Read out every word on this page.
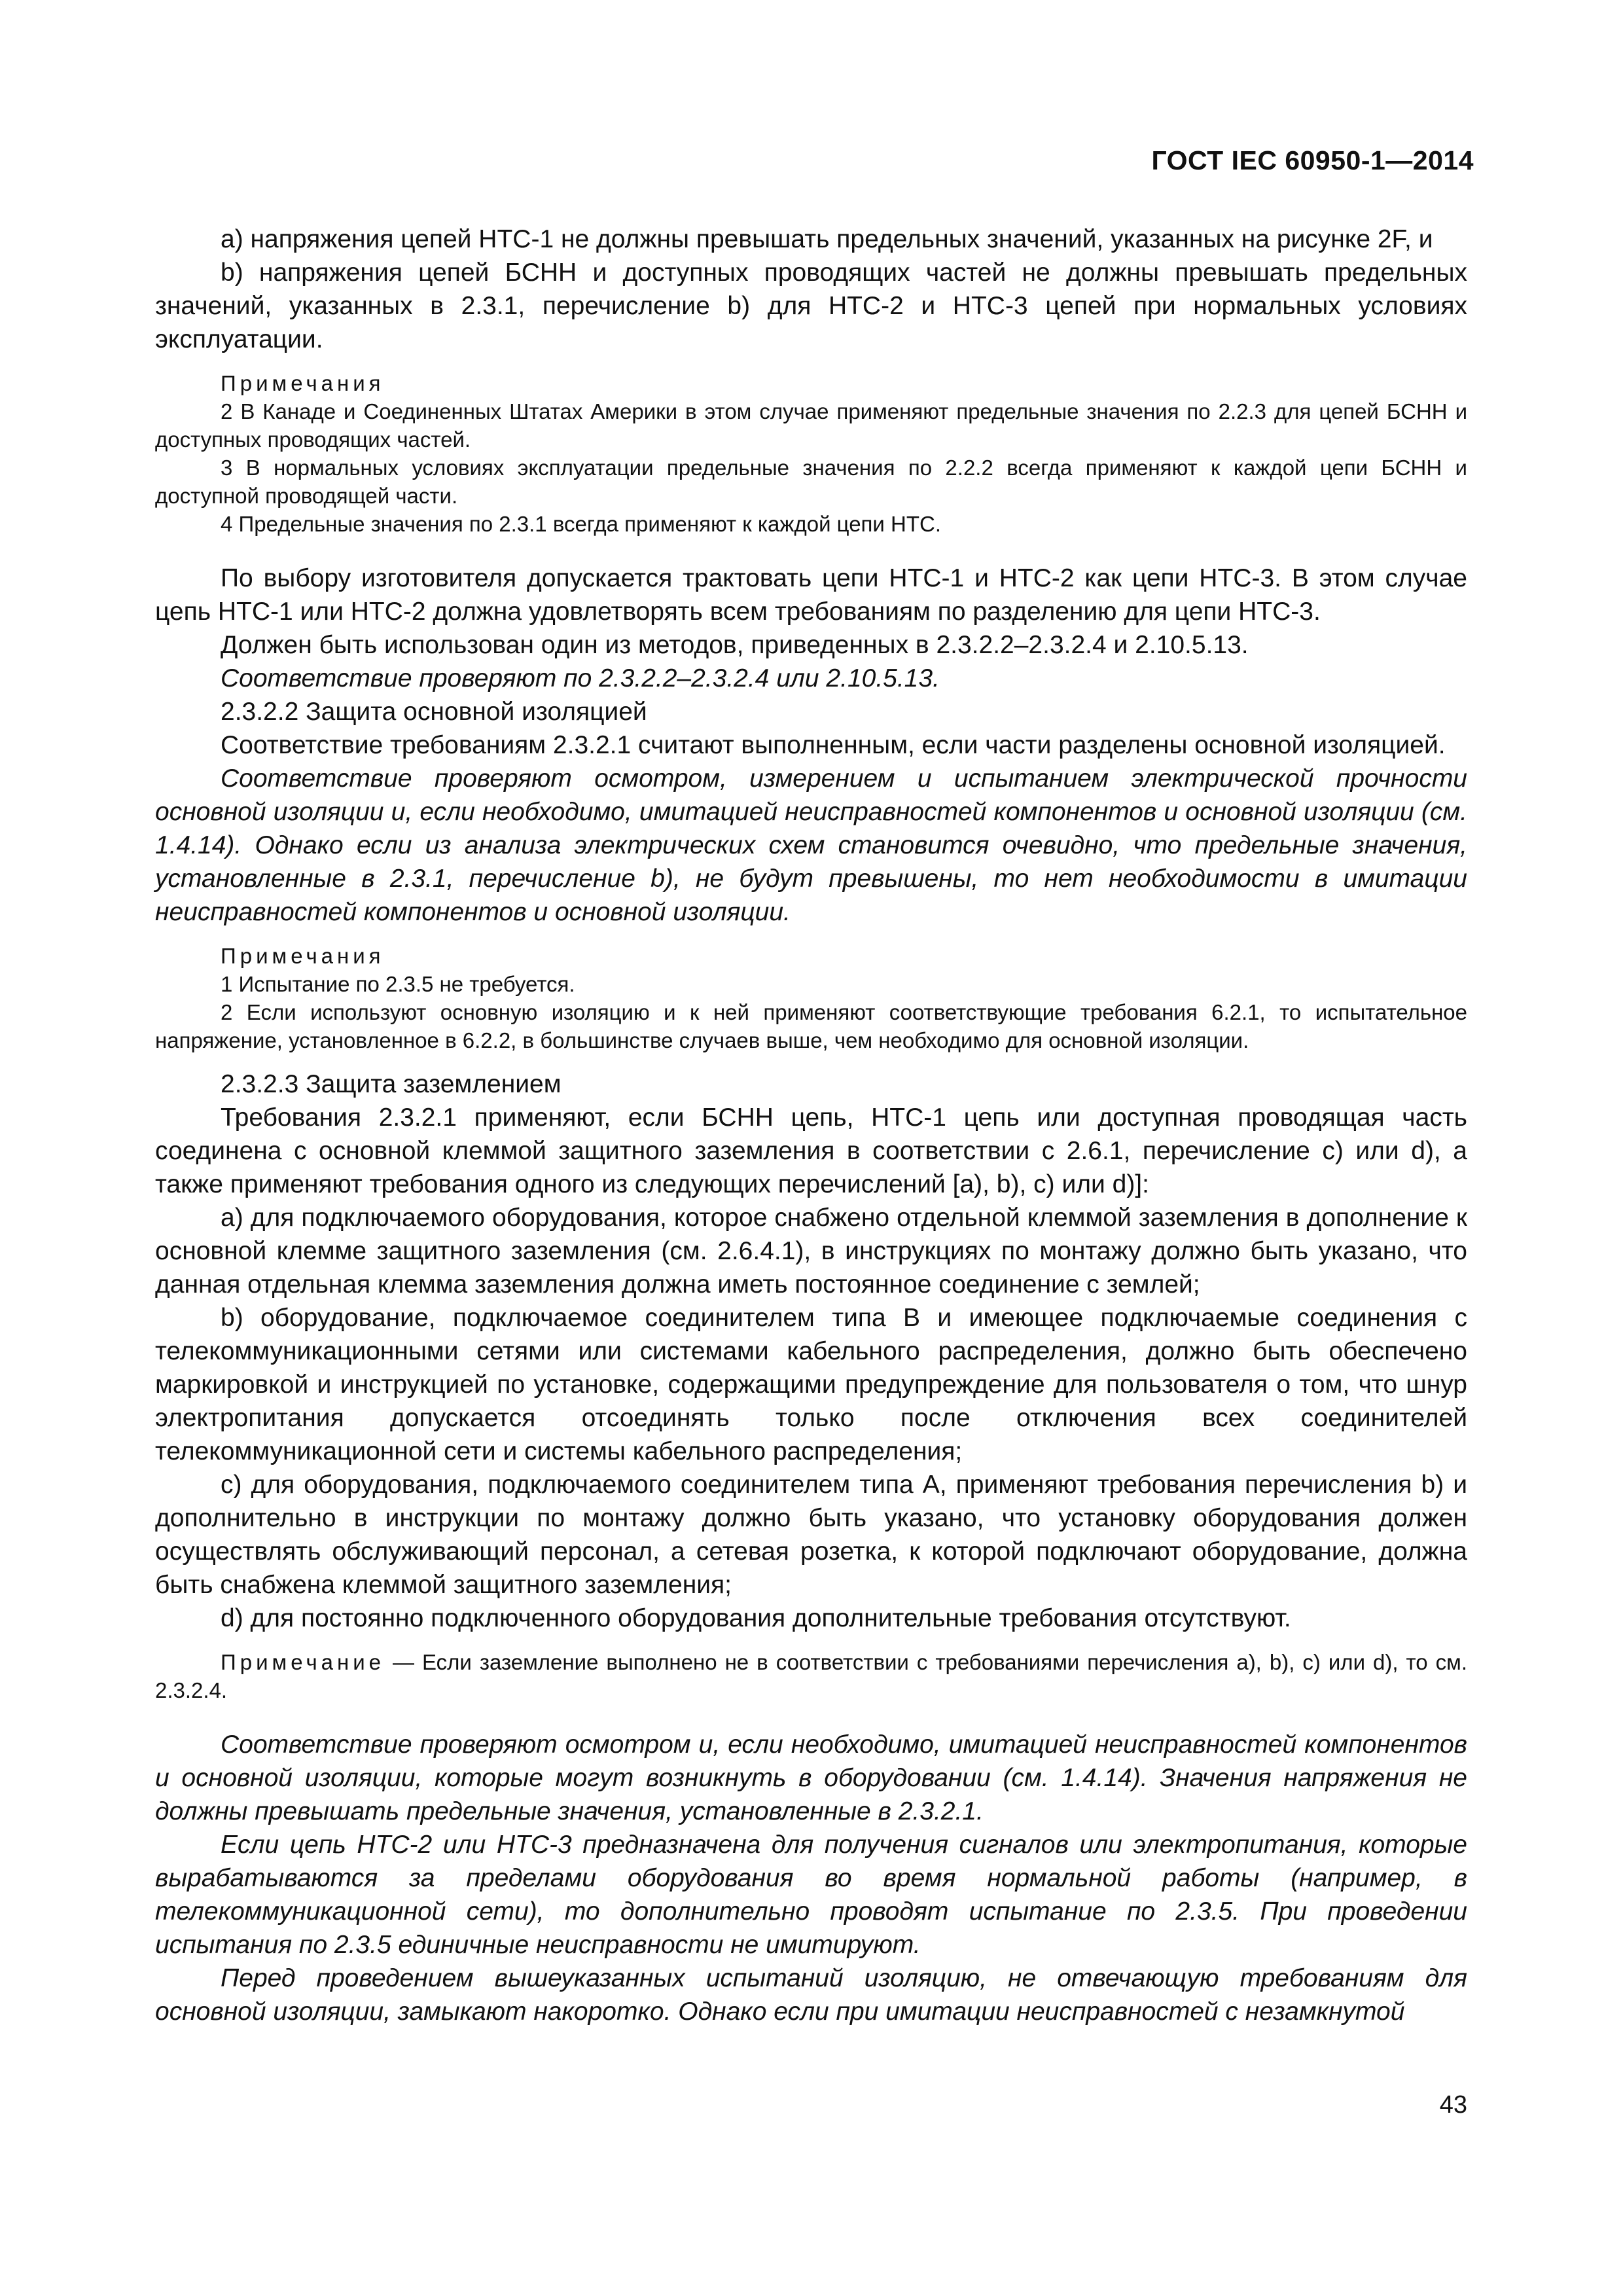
ГОСТ IEC 60950-1—2014

а) напряжения цепей НТС-1 не должны превышать предельных значений, указанных на рисунке 2F, и

b) напряжения цепей БСНН и доступных проводящих частей не должны превышать предельных значений, указанных в 2.3.1, перечисление b) для НТС-2 и НТС-3 цепей при нормальных условиях эксплуатации.

Примечания

2 В Канаде и Соединенных Штатах Америки в этом случае применяют предельные значения по 2.2.3 для цепей БСНН и доступных проводящих частей.

3 В нормальных условиях эксплуатации предельные значения по 2.2.2 всегда применяют к каждой цепи БСНН и доступной проводящей части.

4 Предельные значения по 2.3.1 всегда применяют к каждой цепи НТС.

По выбору изготовителя допускается трактовать цепи НТС-1 и НТС-2 как цепи НТС-3. В этом случае цепь НТС-1 или НТС-2 должна удовлетворять всем требованиям по разделению для цепи НТС-3.

Должен быть использован один из методов, приведенных в 2.3.2.2–2.3.2.4 и 2.10.5.13.

Соответствие проверяют по 2.3.2.2–2.3.2.4 или 2.10.5.13.

2.3.2.2 Защита основной изоляцией

Соответствие требованиям 2.3.2.1 считают выполненным, если части разделены основной изоляцией.

Соответствие проверяют осмотром, измерением и испытанием электрической прочности основной изоляции и, если необходимо, имитацией неисправностей компонентов и основной изоляции (см. 1.4.14). Однако если из анализа электрических схем становится очевидно, что предельные значения, установленные в 2.3.1, перечисление b), не будут превышены, то нет необходимости в имитации неисправностей компонентов и основной изоляции.

Примечания

1 Испытание по 2.3.5 не требуется.

2 Если используют основную изоляцию и к ней применяют соответствующие требования 6.2.1, то испытательное напряжение, установленное в 6.2.2, в большинстве случаев выше, чем необходимо для основной изоляции.

2.3.2.3 Защита заземлением

Требования 2.3.2.1 применяют, если БСНН цепь, НТС-1 цепь или доступная проводящая часть соединена с основной клеммой защитного заземления в соответствии с 2.6.1, перечисление с) или d), а также применяют требования одного из следующих перечислений [а), b), с) или d)]:

а) для подключаемого оборудования, которое снабжено отдельной клеммой заземления в дополнение к основной клемме защитного заземления (см. 2.6.4.1), в инструкциях по монтажу должно быть указано, что данная отдельная клемма заземления должна иметь постоянное соединение с землей;

b) оборудование, подключаемое соединителем типа В и имеющее подключаемые соединения с телекоммуникационными сетями или системами кабельного распределения, должно быть обеспечено маркировкой и инструкцией по установке, содержащими предупреждение для пользователя о том, что шнур электропитания допускается отсоединять только после отключения всех соединителей телекоммуникационной сети и системы кабельного распределения;

с) для оборудования, подключаемого соединителем типа А, применяют требования перечисления b) и дополнительно в инструкции по монтажу должно быть указано, что установку оборудования должен осуществлять обслуживающий персонал, а сетевая розетка, к которой подключают оборудование, должна быть снабжена клеммой защитного заземления;

d) для постоянно подключенного оборудования дополнительные требования отсутствуют.

Примечание — Если заземление выполнено не в соответствии с требованиями перечисления а), b), с) или d), то см. 2.3.2.4.

Соответствие проверяют осмотром и, если необходимо, имитацией неисправностей компонентов и основной изоляции, которые могут возникнуть в оборудовании (см. 1.4.14). Значения напряжения не должны превышать предельные значения, установленные в 2.3.2.1.

Если цепь НТС-2 или НТС-3 предназначена для получения сигналов или электропитания, которые вырабатываются за пределами оборудования во время нормальной работы (например, в телекоммуникационной сети), то дополнительно проводят испытание по 2.3.5. При проведении испытания по 2.3.5 единичные неисправности не имитируют.

Перед проведением вышеуказанных испытаний изоляцию, не отвечающую требованиям для основной изоляции, замыкают накоротко. Однако если при имитации неисправностей с незамкнутой

43
